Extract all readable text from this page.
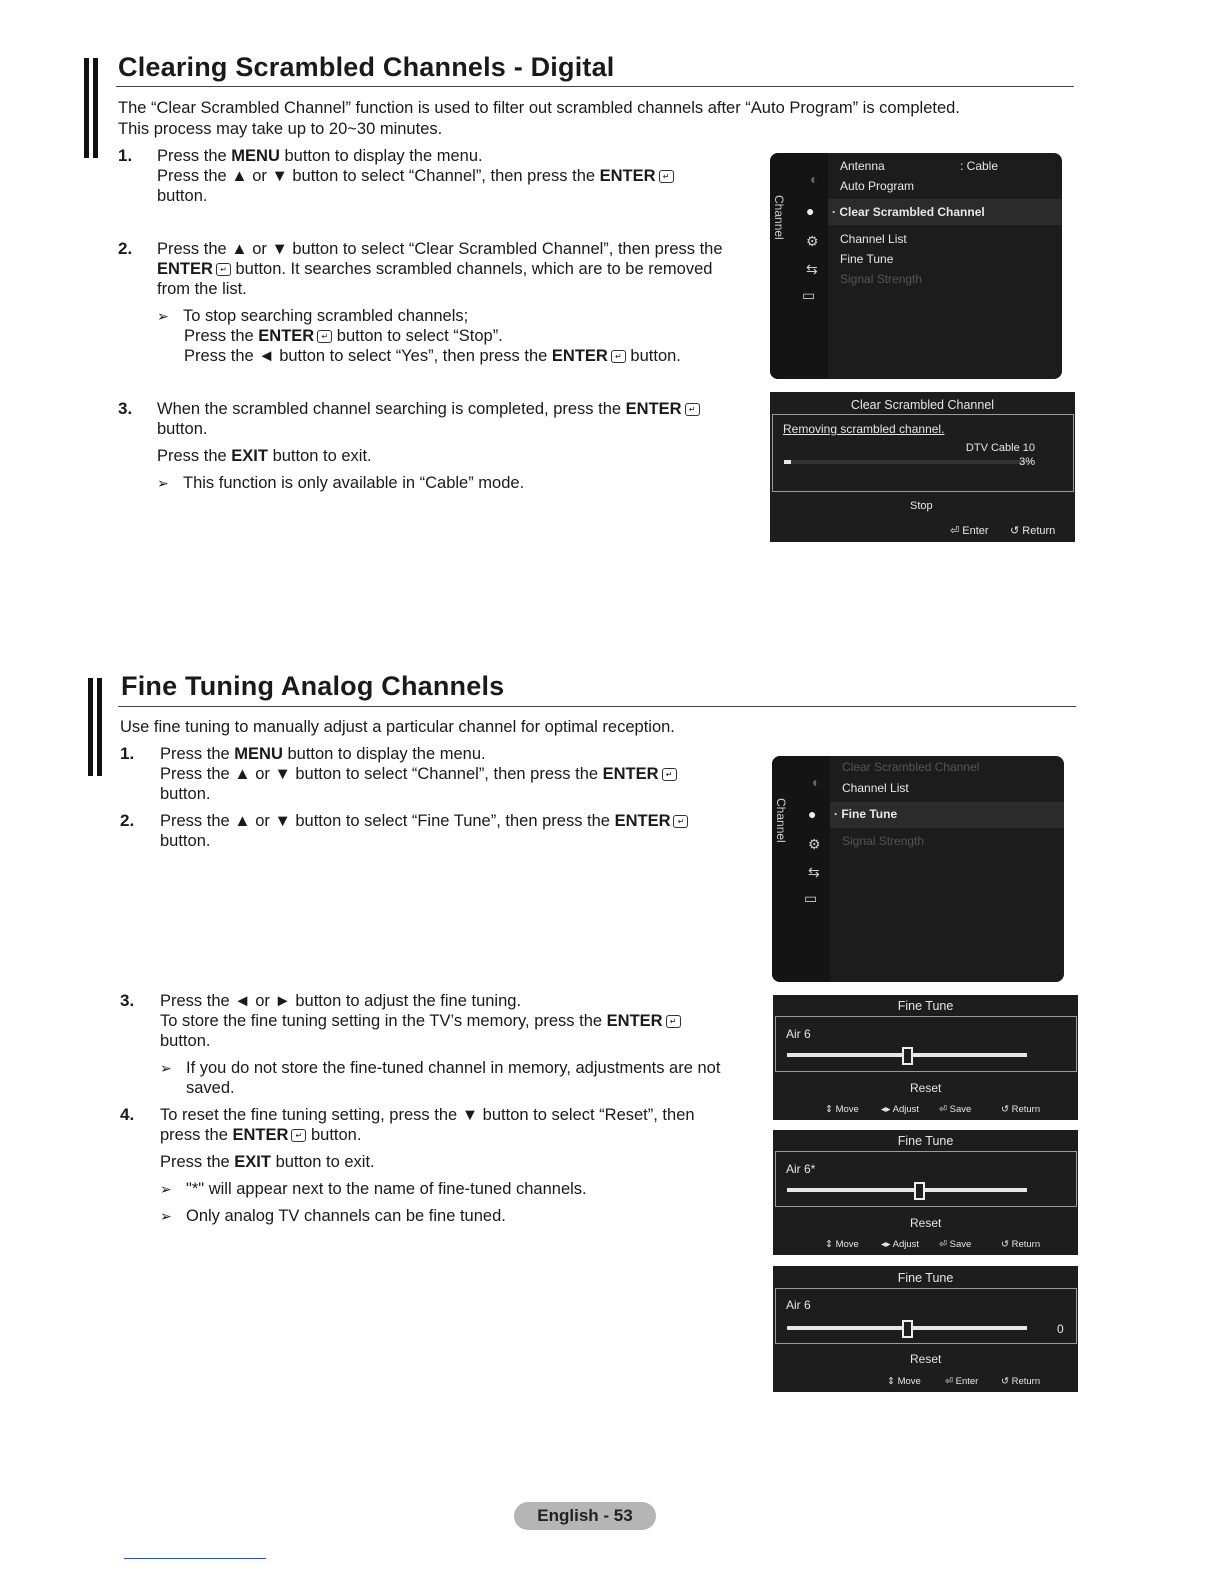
Clearing Scrambled Channels - Digital
The “Clear Scrambled Channel” function is used to filter out scrambled channels after “Auto Program” is completed.
This process may take up to 20~30 minutes.
1. Press the MENU button to display the menu.
Press the ▲ or ▼ button to select “Channel”, then press the ENTER ↵
button.
2. Press the ▲ or ▼ button to select “Clear Scrambled Channel”, then press the
ENTER ↵ button. It searches scrambled channels, which are to be removed
from the list.
➢ To stop searching scrambled channels;
Press the ENTER ↵ button to select “Stop”.
Press the ◄ button to select “Yes”, then press the ENTER ↵ button.
3. When the scrambled channel searching is completed, press the ENTER ↵
button.
Press the EXIT button to exit.
➢ This function is only available in “Cable” mode.
Channel
◐
●
⚙
⇆
▭
Antenna	: Cable
Auto Program
· Clear Scrambled Channel
Channel List
Fine Tune
Signal Strength
Clear Scrambled Channel
Removing scrambled channel.
DTV Cable 10
3%
Stop
⏎ Enter ↺ Return
Fine Tuning Analog Channels
Use fine tuning to manually adjust a particular channel for optimal reception.
1. Press the MENU button to display the menu.
Press the ▲ or ▼ button to select “Channel”, then press the ENTER ↵
button.
2. Press the ▲ or ▼ button to select “Fine Tune”, then press the ENTER ↵
button.
3. Press the ◄ or ► button to adjust the fine tuning.
To store the fine tuning setting in the TV’s memory, press the ENTER ↵
button.
➢ If you do not store the fine-tuned channel in memory, adjustments are not
saved.
4. To reset the fine tuning setting, press the ▼ button to select “Reset”, then
press the ENTER ↵ button.
Press the EXIT button to exit.
➢ "*" will appear next to the name of fine-tuned channels.
➢ Only analog TV channels can be fine tuned.
Channel
◐
●
⚙
⇆
▭
Clear Scrambled Channel
Channel List
· Fine Tune
Signal Strength
Fine Tune
Air 6
Reset
⇕ Move ◂▸ Adjust ⏎ Save	↺ Return
Fine Tune
Air 6*
Reset
⇕ Move ◂▸ Adjust ⏎ Save	↺ Return
Fine Tune
Air 6
0
Reset
⇕ Move	⏎ Enter ↺ Return
English - 53
